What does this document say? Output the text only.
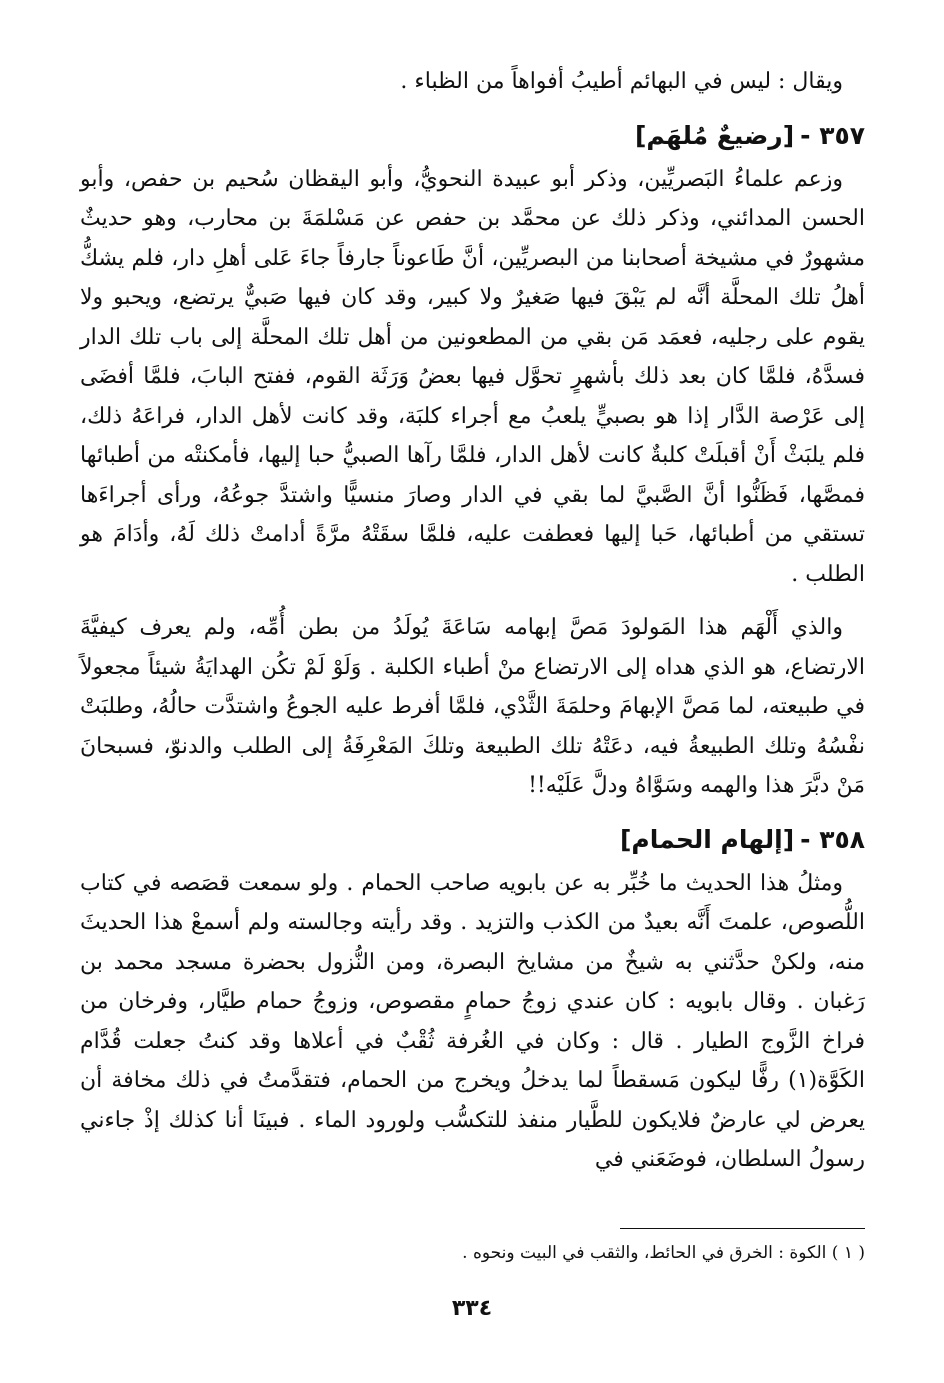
ويقال : ليس في البهائم أطيبُ أفواهاً من الظباء .

٣٥٧ -[رضيعٌ مُلهَم]

وزعم علماءُ البَصريِّين، وذكر أبو عبيدة النحويُّ، وأبو اليقظان سُحيم بن حفص، وأبو الحسن المدائني، وذكر ذلك عن محمَّد بن حفص عن مَسْلمَةَ بن محارب، وهو حديثٌ مشهورٌ في مشيخة أصحابنا من البصريِّين، أنَّ طَاعوناً جارفاً جاءَ عَلى أهلِ دار، فلم يشكُّ أهلُ تلك المحلَّة أنَّه لم يَبْقَ فيها صَغيرٌ ولا كبير، وقد كان فيها صَبيٌّ يرتضع، ويحبو ولا يقوم على رجليه، فعمَد مَن بقي من المطعونين من أهل تلك المحلَّة إلى باب تلك الدار فسدَّهُ، فلمَّا كان بعد ذلك بأشهرٍ تحوَّل فيها بعضُ وَرَثَة القوم، ففتح البابَ، فلمَّا أفضَى إلى عَرْصة الدَّار إذا هو بصبيٍّ يلعبُ مع أجراء كلبَة، وقد كانت لأهل الدار، فراعَهُ ذلك، فلم يلبَثْ أَنْ أقبلَتْ كلبةٌ كانت لأهل الدار، فلمَّا رآها الصبيُّ حبا إليها، فأمكنتْه من أطبائها فمصَّها، فَظَنُّوا أنَّ الصَّبيَّ لما بقي في الدار وصارَ منسيًّا واشتدَّ جوعُهُ، ورأى أجراءَها تستقي من أطبائها، حَبا إليها فعطفت عليه، فلمَّا سقَتْهُ مرَّةً أدامتْ ذلك لَهُ، وأدَامَ هو الطلب .

والذي أَلْهَم هذا المَولودَ مَصَّ إبهامه سَاعَةَ يُولَدُ من بطن أُمِّه، ولم يعرف كيفيَّةَ الارتضاع، هو الذي هداه إلى الارتضاع منْ أطباء الكلبة . وَلَوْ لَمْ تكُن الهدايَةُ شيئاً مجعولاً في طبيعته، لما مَصَّ الإبهامَ وحلمَةَ الثَّدْي، فلمَّا أفرط عليه الجوعُ واشتدَّت حالُهُ، وطلبَتْ نفْسُهُ وتلك الطبيعةُ فيه، دعَتْهُ تلك الطبيعة وتلكَ المَعْرِفَةُ إلى الطلب والدنوّ، فسبحانَ مَنْ دبَّرَ هذا والهمه وسَوَّاهُ ودلَّ عَلَيْه!!

٣٥٨ -[إلهام الحمام]

ومثلُ هذا الحديث ما خُبِّر به عن بابويه صاحب الحمام . ولو سمعت قصَصه في كتاب اللُّصوص، علمتَ أَنَّه بعيدٌ من الكذب والتزيد . وقد رأيته وجالسته ولم أسمعْ هذا الحديثَ منه، ولكنْ حدَّثني به شيخٌ من مشايخ البصرة، ومن النُّزول بحضرة مسجد محمد بن رَغبان . وقال بابويه : كان عندي زوجُ حمامٍ مقصوص، وزوجُ حمام طيَّار، وفرخان من فراخ الزَّوج الطيار . قال : وكان في الغُرفة ثُقْبٌ في أعلاها وقد كنتُ جعلت قُدَّام الكَوَّة(١) رفًّا ليكون مَسقطاً لما يدخلُ ويخرج من الحمام، فتقدَّمتُ في ذلك مخافة أن يعرض لي عارضٌ فلايكون للطَّيار منفذ للتكسُّب ولورود الماء . فبينَا أنا كذلك إذْ جاءني رسولُ السلطان، فوضَعَني في

( ١ ) الكوة : الخرق في الحائط، والثقب في البيت ونحوه .
٣٣٤
